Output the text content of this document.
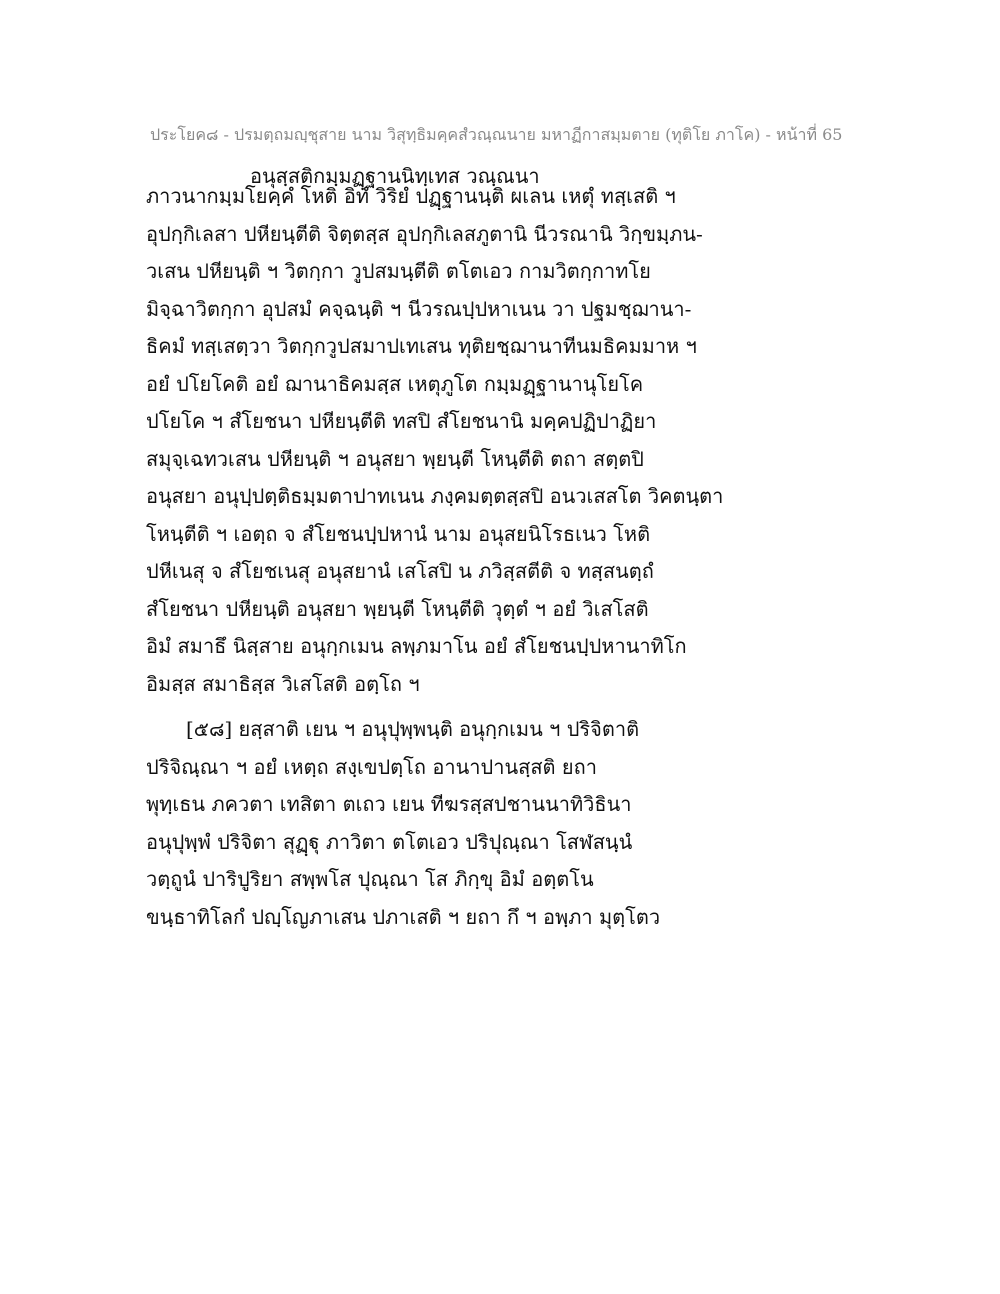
ประโยค๘ - ปรมตฺถมญฺชุสาย นาม วิสุทฺธิมคฺคสํวณฺณนาย มหาฏีกาสมฺมตาย (ทุติโย ภาโค) - หน้าที่ 65
อนุสฺสติกมฺมฏฺฐานนิทฺเทส วณฺณนา
ภาวนากมฺมโยคฺคํ โหติ อิทํ วิริยํ ปฏฺฐานนฺติ ผเลน เหตุํ ทสฺเสติ ฯ
อุปกฺกิเลสา ปหียนฺตีติ จิตฺตสฺส อุปกฺกิเลสภูตานิ นีวรณานิ วิกฺขมฺภน-
วเสน ปหียนฺติ ฯ วิตกฺกา วูปสมนฺตีติ ตโตเอว กามวิตกฺกาทโย
มิจฺฉาวิตกฺกา อุปสมํ คจฺฉนฺติ ฯ นีวรณปฺปหาเนน วา ปฐมชฺฌานา-
ธิคมํ ทสฺเสตฺวา วิตกฺกวูปสมาปเทเสน ทุติยชฺฌานาทีนมธิคมมาห ฯ
อยํ ปโยโคติ อยํ ฌานาธิคมสฺส เหตุภูโต กมฺมฏฺฐานานุโยโค
ปโยโค ฯ สํโยชนา ปหียนฺตีติ ทสปิ สํโยชนานิ มคฺคปฏิปาฏิยา
สมุจฺเฉทวเสน ปหียนฺติ ฯ อนุสยา พฺยนฺตี โหนฺตีติ ตถา สตฺตปิ
อนุสยา อนุปฺปตฺติธมฺมตาปาทเนน ภงฺคมตฺตสฺสปิ อนวเสสโต วิคตนฺตา
โหนฺตีติ ฯ เอตฺถ จ สํโยชนปฺปหานํ นาม อนุสยนิโรธเนว โหติ
ปหีเนสุ จ สํโยชเนสุ อนุสยานํ เสโสปิ น ภวิสฺสตีติ จ ทสฺสนตฺถํ
สํโยชนา ปหียนฺติ อนุสยา พฺยนฺตี โหนฺตีติ วุตฺตํ ฯ อยํ วิเสโสติ
อิมํ สมาธึ นิสฺสาย อนุกฺกเมน ลพฺภมาโน อยํ สํโยชนปฺปหานาทิโก
อิมสฺส สมาธิสฺส วิเสโสติ อตฺโถ ฯ
[๕๘] ยสฺสาติ เยน ฯ อนุปุพฺพนฺติ อนุกฺกเมน ฯ ปริจิตาติ
ปริจิณฺณา ฯ อยํ เหตฺถ สงฺเขปตฺโถ อานาปานสฺสติ ยถา
พุทฺเธน ภควตา เทสิตา ตเถว เยน ทีฆรสฺสปชานนาทิวิธินา
อนุปุพฺพํ ปริจิตา สุฏฺฐุ ภาวิตา ตโตเอว ปริปุณฺณา โสฬสนฺนํ
วตฺถูนํ ปาริปูริยา สพฺพโส ปุณฺณา โส ภิกฺขุ อิมํ อตฺตโน
ขนฺธาทิโลกํ ปญฺโญภาเสน ปภาเสติ ฯ ยถา กึ ฯ อพฺภา มุตฺโตว
